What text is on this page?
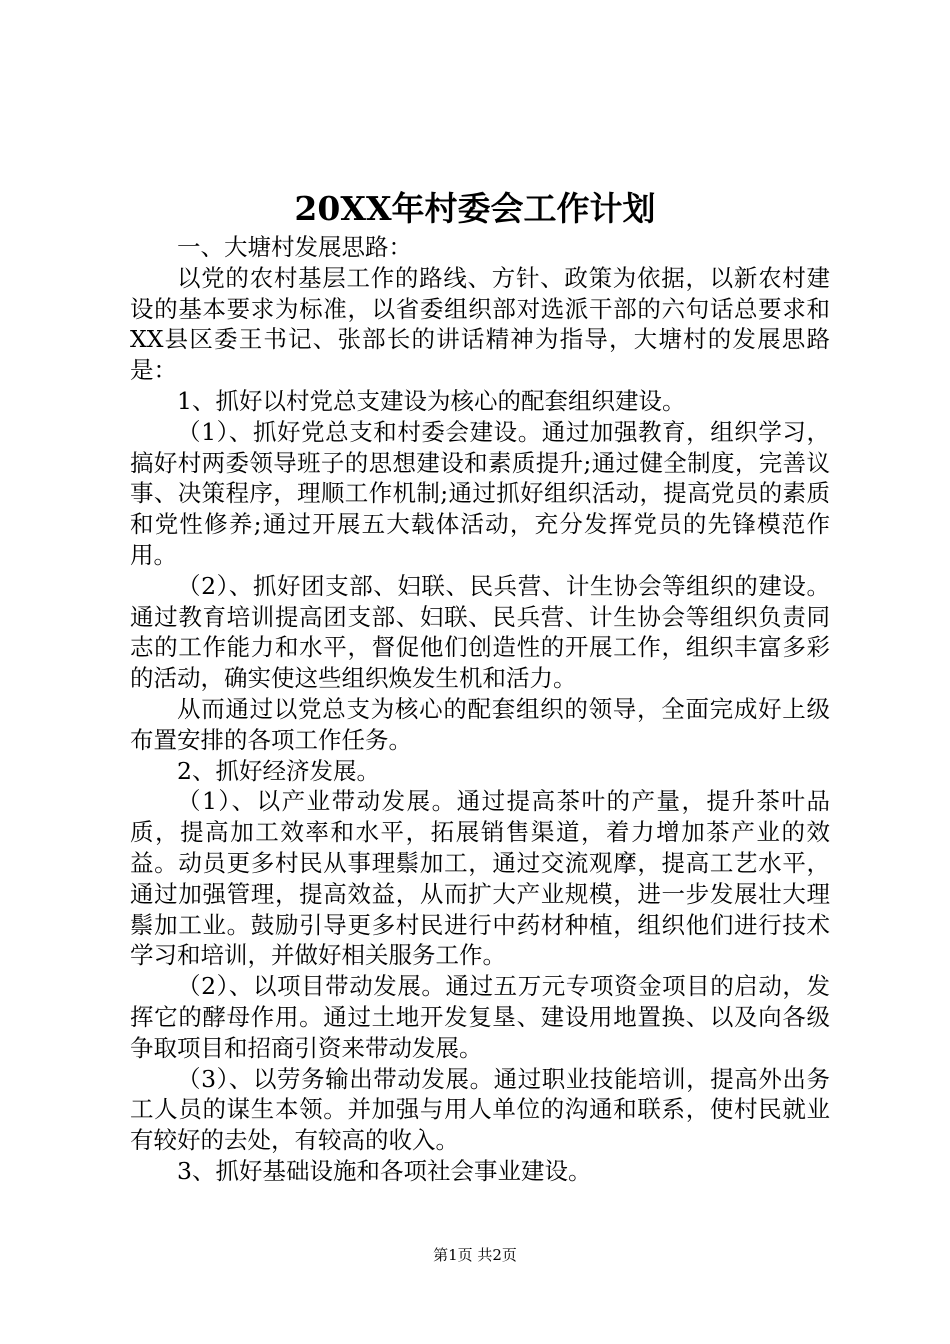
20XX年村委会工作计划

一、大塘村发展思路：

以党的农村基层工作的路线、方针、政策为依据，以新农村建设的基本要求为标准，以省委组织部对选派干部的六句话总要求和XX县区委王书记、张部长的讲话精神为指导，大塘村的发展思路是：

1、抓好以村党总支建设为核心的配套组织建设。

（1）、抓好党总支和村委会建设。通过加强教育，组织学习，搞好村两委领导班子的思想建设和素质提升;通过健全制度，完善议事、决策程序，理顺工作机制;通过抓好组织活动，提高党员的素质和党性修养;通过开展五大载体活动，充分发挥党员的先锋模范作用。

（2）、抓好团支部、妇联、民兵营、计生协会等组织的建设。通过教育培训提高团支部、妇联、民兵营、计生协会等组织负责同志的工作能力和水平，督促他们创造性的开展工作，组织丰富多彩的活动，确实使这些组织焕发生机和活力。

从而通过以党总支为核心的配套组织的领导，全面完成好上级布置安排的各项工作任务。

2、抓好经济发展。

（1）、以产业带动发展。通过提高茶叶的产量，提升茶叶品质，提高加工效率和水平，拓展销售渠道，着力增加茶产业的效益。动员更多村民从事理鬃加工，通过交流观摩，提高工艺水平，通过加强管理，提高效益，从而扩大产业规模，进一步发展壮大理鬃加工业。鼓励引导更多村民进行中药材种植，组织他们进行技术学习和培训，并做好相关服务工作。

（2）、以项目带动发展。通过五万元专项资金项目的启动，发挥它的酵母作用。通过土地开发复垦、建设用地置换、以及向各级争取项目和招商引资来带动发展。

（3）、以劳务输出带动发展。通过职业技能培训，提高外出务工人员的谋生本领。并加强与用人单位的沟通和联系，使村民就业有较好的去处，有较高的收入。

3、抓好基础设施和各项社会事业建设。

第1页 共2页
